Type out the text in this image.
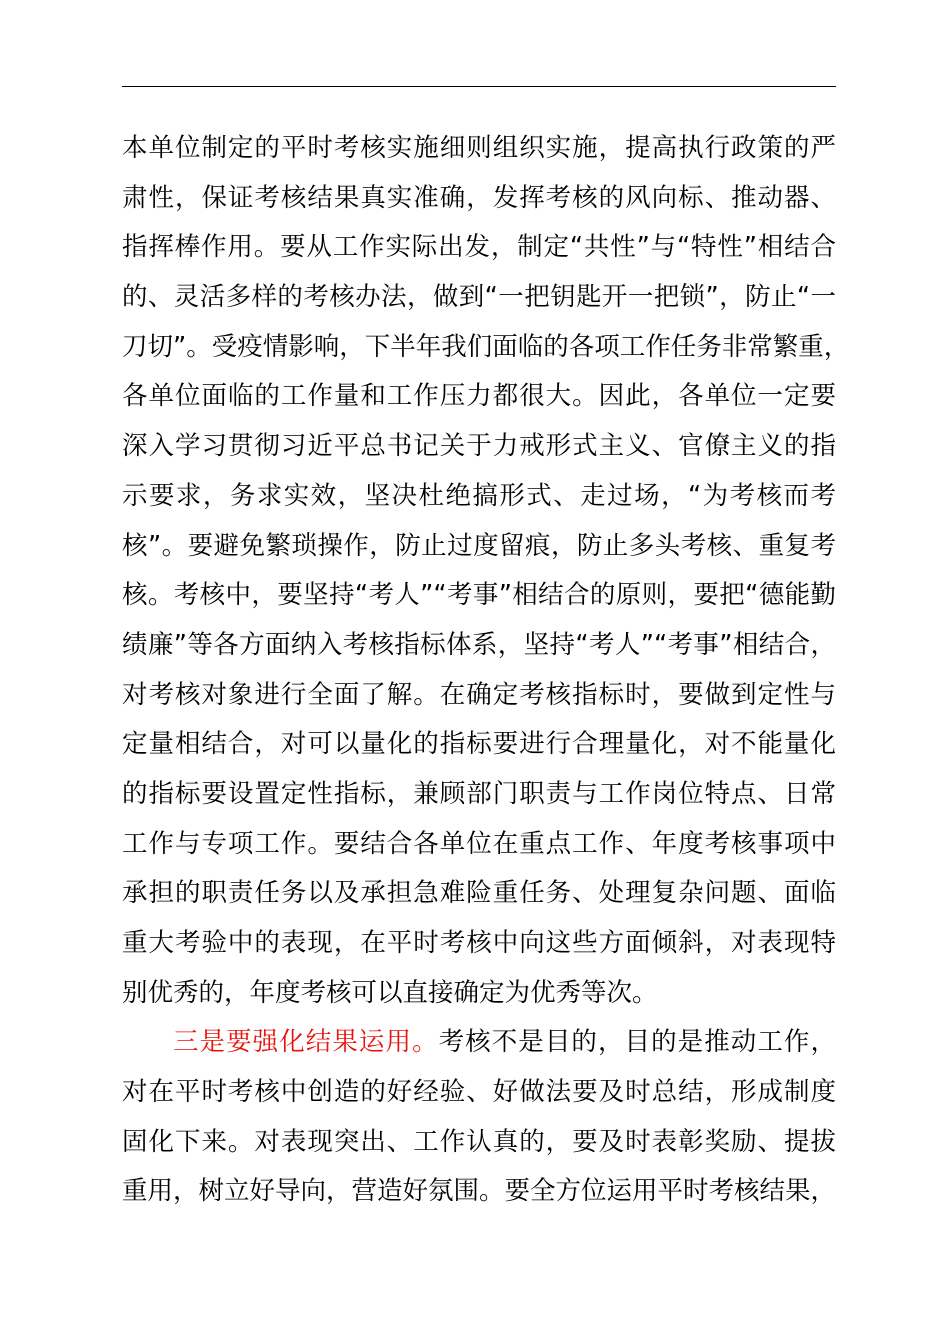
本单位制定的平时考核实施细则组织实施，提高执行政策的严
肃性，保证考核结果真实准确，发挥考核的风向标、推动器、
指挥棒作用。要从工作实际出发，制定“共性”与“特性”相结合
的、灵活多样的考核办法，做到“一把钥匙开一把锁”，防止“一
刀切”。受疫情影响，下半年我们面临的各项工作任务非常繁重，
各单位面临的工作量和工作压力都很大。因此，各单位一定要
深入学习贯彻习近平总书记关于力戒形式主义、官僚主义的指
示要求，务求实效，坚决杜绝搞形式、走过场，“为考核而考
核”。要避免繁琐操作，防止过度留痕，防止多头考核、重复考
核。考核中，要坚持“考人”“考事”相结合的原则，要把“德能勤
绩廉”等各方面纳入考核指标体系，坚持“考人”“考事”相结合，
对考核对象进行全面了解。在确定考核指标时，要做到定性与
定量相结合，对可以量化的指标要进行合理量化，对不能量化
的指标要设置定性指标，兼顾部门职责与工作岗位特点、日常
工作与专项工作。要结合各单位在重点工作、年度考核事项中
承担的职责任务以及承担急难险重任务、处理复杂问题、面临
重大考验中的表现，在平时考核中向这些方面倾斜，对表现特
别优秀的，年度考核可以直接确定为优秀等次。
三是要强化结果运用。考核不是目的，目的是推动工作，
对在平时考核中创造的好经验、好做法要及时总结，形成制度
固化下来。对表现突出、工作认真的，要及时表彰奖励、提拔
重用，树立好导向，营造好氛围。要全方位运用平时考核结果，
